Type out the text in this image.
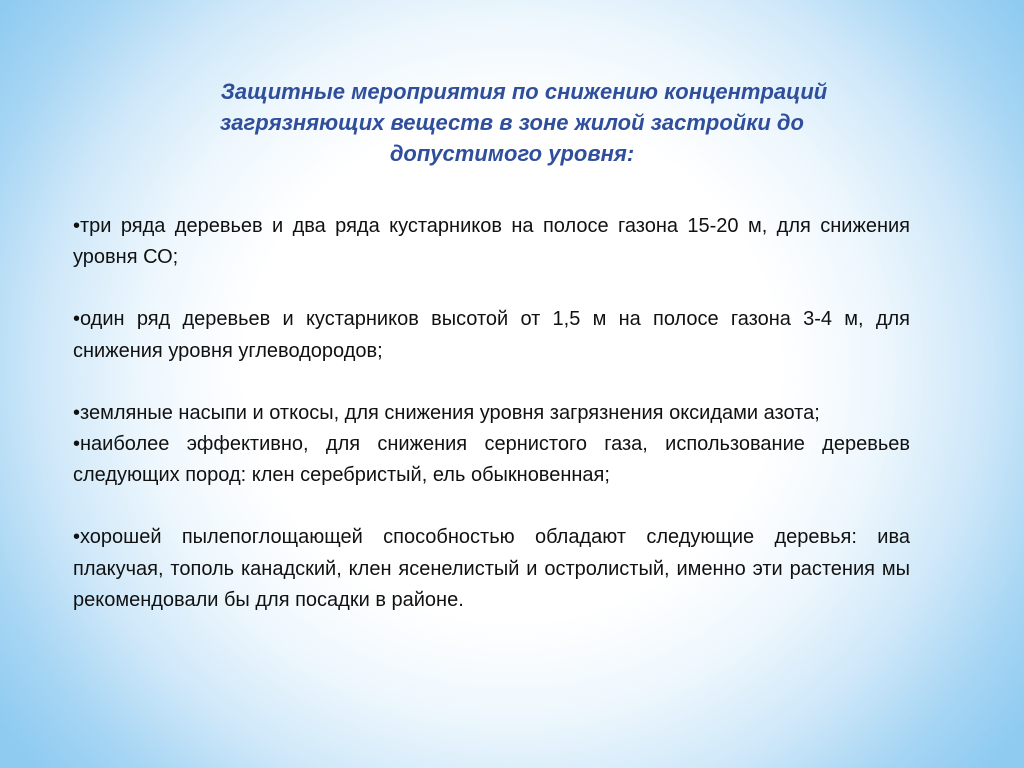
Защитные мероприятия по снижению концентраций
загрязняющих веществ в зоне жилой застройки до
допустимого уровня:

•три ряда деревьев и два ряда кустарников на полосе газона 15-20 м, для снижения уровня СО;

•один ряд деревьев и кустарников высотой от 1,5 м на полосе газона 3-4 м, для снижения уровня углеводородов;

•земляные насыпи и откосы, для снижения уровня загрязнения оксидами азота;

•наиболее эффективно, для снижения сернистого газа, использование деревьев следующих пород: клен серебристый, ель обыкновенная;

•хорошей пылепоглощающей способностью обладают следующие деревья: ива плакучая, тополь канадский, клен ясенелистый и остролистый, именно эти растения мы рекомендовали бы для посадки в районе.
